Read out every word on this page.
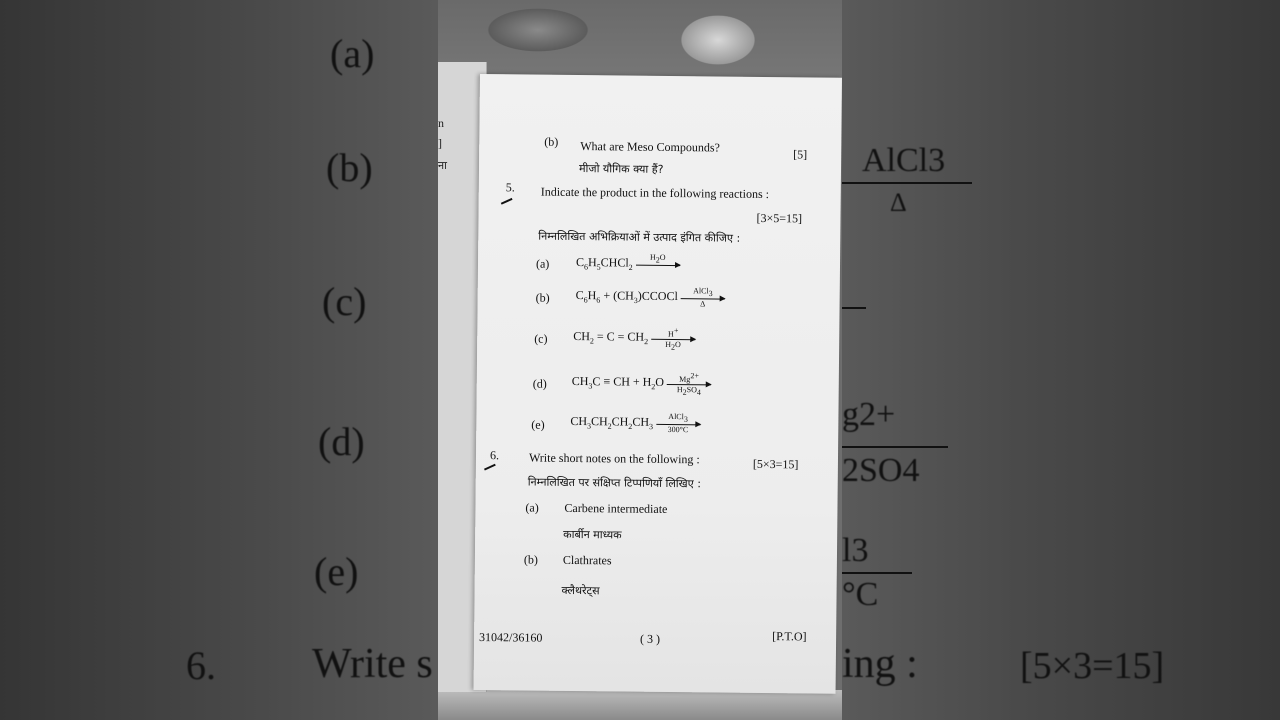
(a)
(b)
(c)
(d)
(e)
6. Write s
AlCl3
Δ
g2+
2SO4
l3
°C
ing :	[5×3=15]
n
]
ना
(b) What are Meso Compounds?	[5]
मीजो यौगिक क्या हैं?
5. Indicate the product in the following reactions :
[3×5=15]
निम्नलिखित अभिक्रियाओं में उत्पाद इंगित कीजिए :
(a) $C_6H_5CHCl_2$
$H_2O$

(b) $C_6H_6$ + $(CH_3)CCOCl$ AlCl$_3$
Δ
(c) $CH_2 = C = CH_2$
H+
$H_2O$
(d) $CH_3C$ ≡ CH + $H_2O$ $Mg^{2+}$
$H_2SO_4$
(e) $CH_3CH_2CH_2CH_3$
AlCl$_3$
300°C
6. Write short notes on the following :	[5×3=15]
निम्नलिखित पर संक्षिप्त टिप्पणियाँ लिखिए :
(a) Carbene intermediate
कार्बीन माध्यक
(b) Clathrates
क्लैथरेट्स
31042/36160	( 3 )	[P.T.O]
